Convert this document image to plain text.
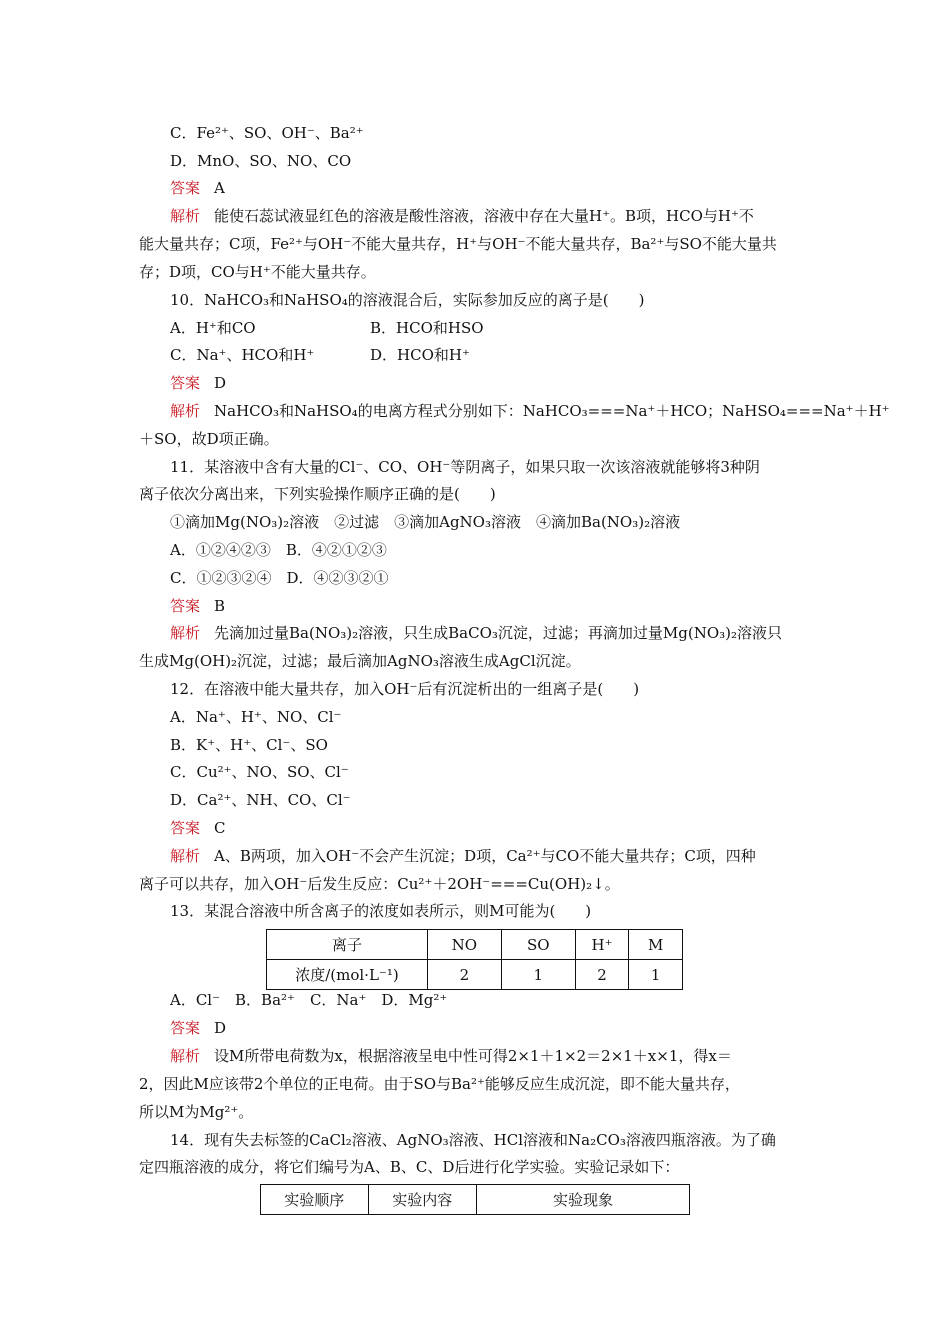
C．Fe²⁺、SO、OH⁻、Ba²⁺
D．MnO、SO、NO、CO
答案 A
解析 能使石蕊试液显红色的溶液是酸性溶液，溶液中存在大量H⁺。B项，HCO与H⁺不
能大量共存；C项，Fe²⁺与OH⁻不能大量共存，H⁺与OH⁻不能大量共存，Ba²⁺与SO不能大量共
存；D项，CO与H⁺不能大量共存。
10．NaHCO₃和NaHSO₄的溶液混合后，实际参加反应的离子是(　　)
A．H⁺和CO	B．HCO和HSO
C．Na⁺、HCO和H⁺	D．HCO和H⁺
答案 D
解析 NaHCO₃和NaHSO₄的电离方程式分别如下：NaHCO₃===Na⁺＋HCO；NaHSO₄===Na⁺＋H⁺
＋SO，故D项正确。
11．某溶液中含有大量的Cl⁻、CO、OH⁻等阴离子，如果只取一次该溶液就能够将3种阴
离子依次分离出来，下列实验操作顺序正确的是(　　)
①滴加Mg(NO₃)₂溶液　②过滤　③滴加AgNO₃溶液　④滴加Ba(NO₃)₂溶液
A．①②④②③　 B．④②①②③
C．①②③②④　 D．④②③②①
答案 B
解析 先滴加过量Ba(NO₃)₂溶液，只生成BaCO₃沉淀，过滤；再滴加过量Mg(NO₃)₂溶液只
生成Mg(OH)₂沉淀，过滤；最后滴加AgNO₃溶液生成AgCl沉淀。
12．在溶液中能大量共存，加入OH⁻后有沉淀析出的一组离子是(　　)
A．Na⁺、H⁺、NO、Cl⁻
B．K⁺、H⁺、Cl⁻、SO
C．Cu²⁺、NO、SO、Cl⁻
D．Ca²⁺、NH、CO、Cl⁻
答案 C
解析 A、B两项，加入OH⁻不会产生沉淀；D项，Ca²⁺与CO不能大量共存；C项，四种
离子可以共存，加入OH⁻后发生反应：Cu²⁺＋2OH⁻===Cu(OH)₂↓。
13．某混合溶液中所含离子的浓度如表所示，则M可能为(　　)
离子	NO	SO	H⁺	M
浓度/(mol·L⁻¹)	2	1	2	1
A．Cl⁻　B．Ba²⁺　C．Na⁺　D．Mg²⁺
答案 D
解析 设M所带电荷数为x，根据溶液呈电中性可得2×1＋1×2＝2×1＋x×1，得x＝
2，因此M应该带2个单位的正电荷。由于SO与Ba²⁺能够反应生成沉淀，即不能大量共存，
所以M为Mg²⁺。
14．现有失去标签的CaCl₂溶液、AgNO₃溶液、HCl溶液和Na₂CO₃溶液四瓶溶液。为了确
定四瓶溶液的成分，将它们编号为A、B、C、D后进行化学实验。实验记录如下：
实验顺序	实验内容	实验现象
